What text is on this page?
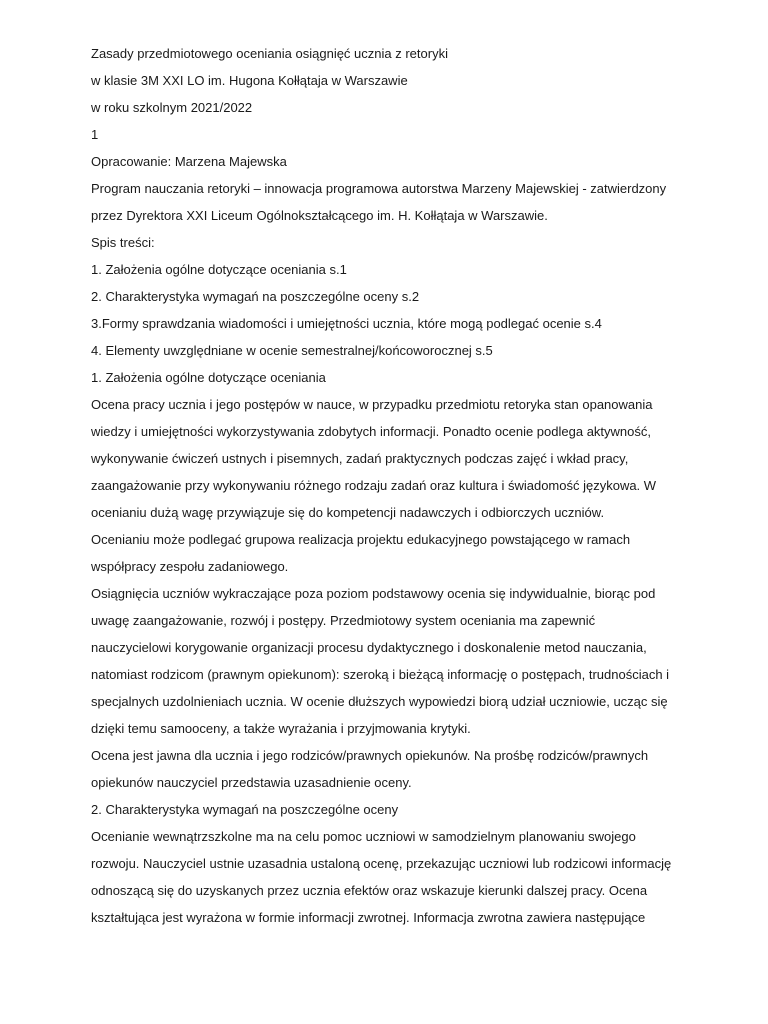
Zasady przedmiotowego oceniania osiągnięć ucznia z retoryki
w klasie 3M XXI LO im. Hugona Kołłątaja w Warszawie
w roku szkolnym 2021/2022
1
Opracowanie: Marzena Majewska
Program nauczania retoryki – innowacja programowa autorstwa Marzeny Majewskiej - zatwierdzony
przez Dyrektora XXI Liceum Ogólnokształcącego im. H. Kołłątaja w Warszawie.
Spis treści:
1. Założenia ogólne dotyczące oceniania s.1
2. Charakterystyka wymagań na poszczególne oceny s.2
3.Formy sprawdzania wiadomości i umiejętności ucznia, które mogą podlegać ocenie s.4
4. Elementy uwzględniane w ocenie semestralnej/końcoworocznej s.5
1. Założenia ogólne dotyczące oceniania
Ocena pracy ucznia i jego postępów w nauce, w przypadku przedmiotu retoryka stan opanowania
wiedzy i umiejętności wykorzystywania zdobytych informacji. Ponadto ocenie podlega aktywność,
wykonywanie ćwiczeń ustnych i pisemnych, zadań praktycznych podczas zajęć i wkład pracy,
zaangażowanie przy wykonywaniu różnego rodzaju zadań oraz kultura i świadomość językowa. W
ocenianiu dużą wagę przywiązuje się do kompetencji nadawczych i odbiorczych uczniów.
Ocenianiu może podlegać grupowa realizacja projektu edukacyjnego powstającego w ramach
współpracy zespołu zadaniowego.
Osiągnięcia uczniów wykraczające poza poziom podstawowy ocenia się indywidualnie, biorąc pod
uwagę zaangażowanie, rozwój i postępy. Przedmiotowy system oceniania ma zapewnić
nauczycielowi korygowanie organizacji procesu dydaktycznego i doskonalenie metod nauczania,
natomiast rodzicom (prawnym opiekunom): szeroką i bieżącą informację o postępach, trudnościach i
specjalnych uzdolnieniach ucznia. W ocenie dłuższych wypowiedzi biorą udział uczniowie, ucząc się
dzięki temu samooceny, a także wyrażania i przyjmowania krytyki.
Ocena jest jawna dla ucznia i jego rodziców/prawnych opiekunów. Na prośbę rodziców/prawnych
opiekunów nauczyciel przedstawia uzasadnienie oceny.
2. Charakterystyka wymagań na poszczególne oceny
Ocenianie wewnątrzszkolne ma na celu pomoc uczniowi w samodzielnym planowaniu swojego
rozwoju. Nauczyciel ustnie uzasadnia ustaloną ocenę, przekazując uczniowi lub rodzicowi informację
odnoszącą się do uzyskanych przez ucznia efektów oraz wskazuje kierunki dalszej pracy. Ocena
kształtująca jest wyrażona w formie informacji zwrotnej. Informacja zwrotna zawiera następujące
